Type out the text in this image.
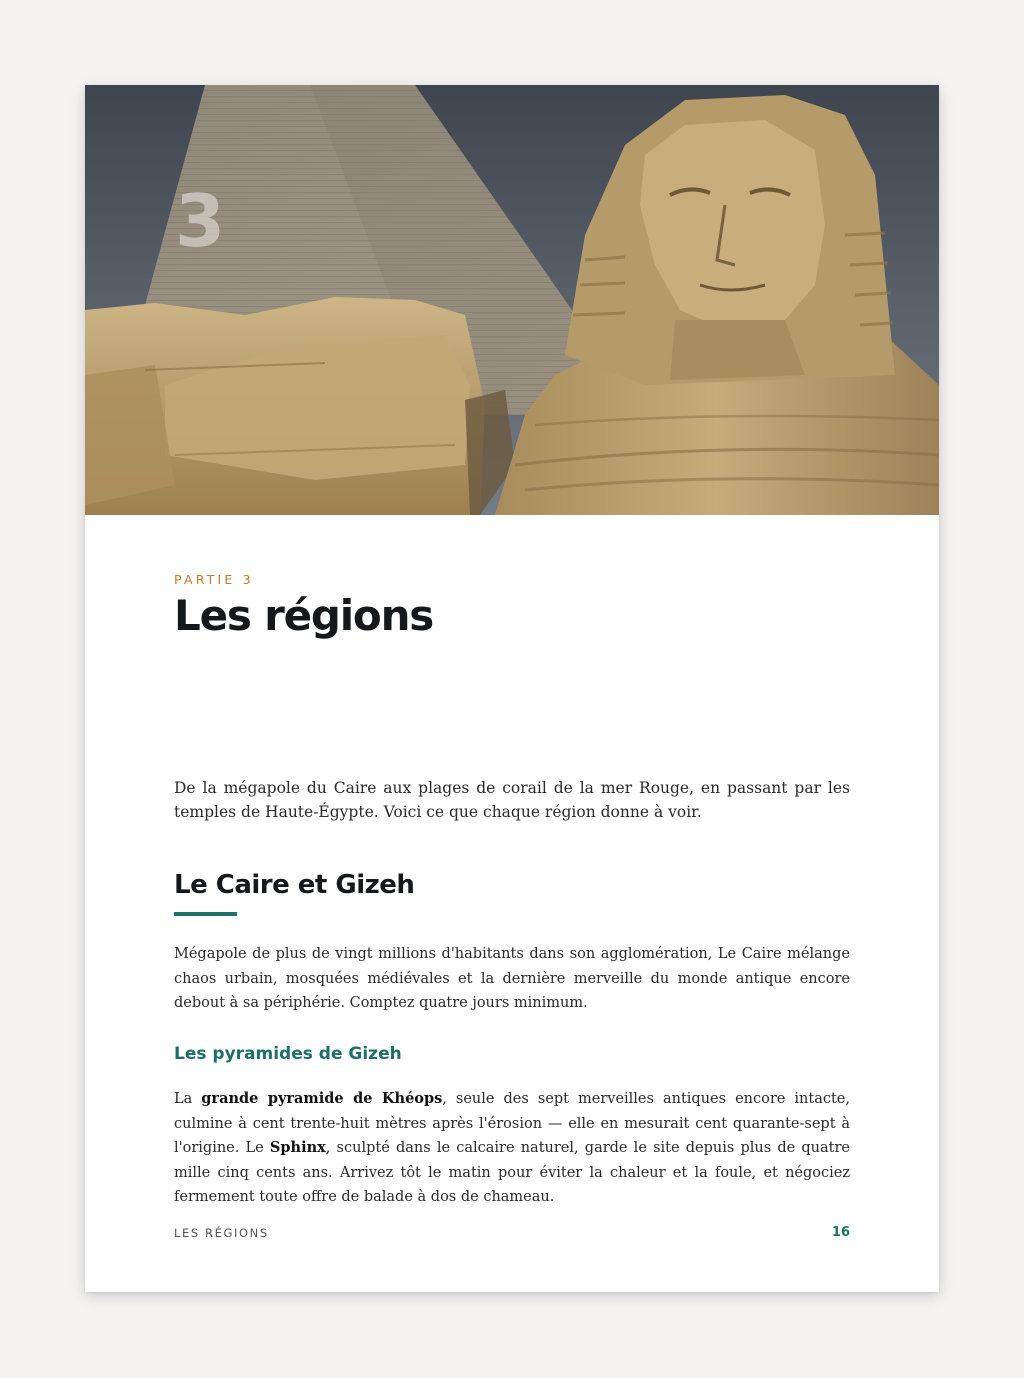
3
PARTIE 3
Les régions

De la mégapole du Caire aux plages de corail de la mer Rouge, en passant par les temples de Haute-Égypte. Voici ce que chaque région donne à voir.

Le Caire et Gizeh

Mégapole de plus de vingt millions d'habitants dans son agglomération, Le Caire mélange chaos urbain, mosquées médiévales et la dernière merveille du monde antique encore debout à sa périphérie. Comptez quatre jours minimum.

Les pyramides de Gizeh

La grande pyramide de Khéops, seule des sept merveilles antiques encore intacte, culmine à cent trente-huit mètres après l'érosion — elle en mesurait cent quarante-sept à l'origine. Le Sphinx, sculpté dans le calcaire naturel, garde le site depuis plus de quatre mille cinq cents ans. Arrivez tôt le matin pour éviter la chaleur et la foule, et négociez fermement toute offre de balade à dos de chameau.

LES RÉGIONS	16
